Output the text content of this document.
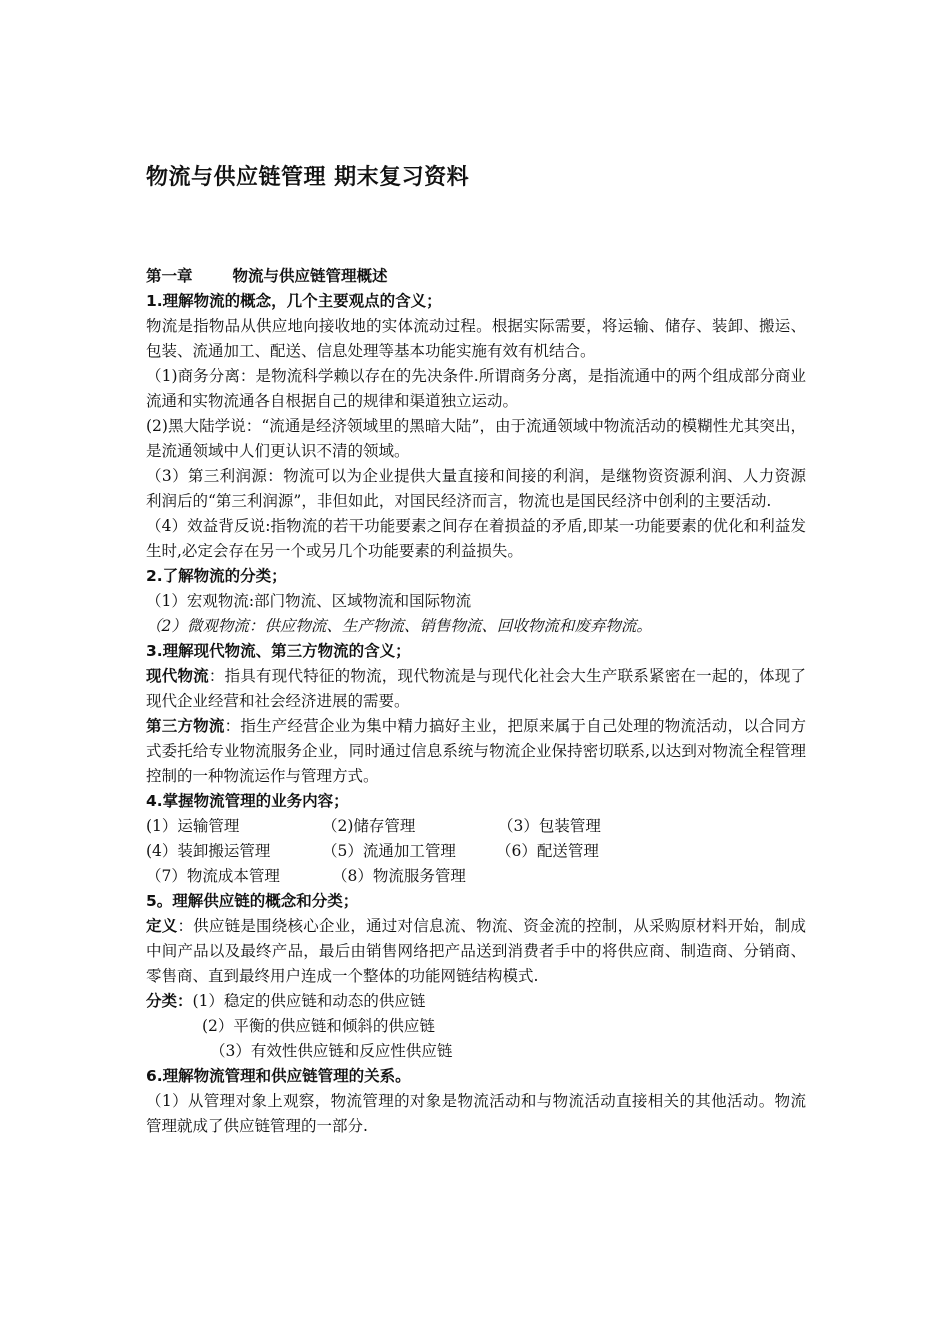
物流与供应链管理 期末复习资料

第一章	物流与供应链管理概述

1.理解物流的概念，几个主要观点的含义；

物流是指物品从供应地向接收地的实体流动过程。根据实际需要，将运输、储存、装卸、搬运、包装、流通加工、配送、信息处理等基本功能实施有效有机结合。

（1)商务分离：是物流科学赖以存在的先决条件.所谓商务分离，是指流通中的两个组成部分商业流通和实物流通各自根据自己的规律和渠道独立运动。

(2)黑大陆学说：“流通是经济领域里的黑暗大陆”，由于流通领域中物流活动的模糊性尤其突出，是流通领域中人们更认识不清的领域。

（3）第三利润源：物流可以为企业提供大量直接和间接的利润，是继物资资源利润、人力资源利润后的“第三利润源”，非但如此，对国民经济而言，物流也是国民经济中创利的主要活动.

（4）效益背反说:指物流的若干功能要素之间存在着损益的矛盾,即某一功能要素的优化和利益发生时,必定会存在另一个或另几个功能要素的利益损失。

2.了解物流的分类；

（1）宏观物流:部门物流、区域物流和国际物流

（2）微观物流：供应物流、生产物流、销售物流、回收物流和废弃物流。

3.理解现代物流、第三方物流的含义；

现代物流：指具有现代特征的物流，现代物流是与现代化社会大生产联系紧密在一起的，体现了现代企业经营和社会经济进展的需要。

第三方物流：指生产经营企业为集中精力搞好主业，把原来属于自己处理的物流活动，以合同方式委托给专业物流服务企业，同时通过信息系统与物流企业保持密切联系,以达到对物流全程管理控制的一种物流运作与管理方式。

4.掌握物流管理的业务内容；

(1）运输管理	（2)储存管理	（3）包装管理

(4）装卸搬运管理	（5）流通加工管理	（6）配送管理

（7）物流成本管理	（8）物流服务管理

5。理解供应链的概念和分类；

定义：供应链是围绕核心企业，通过对信息流、物流、资金流的控制，从采购原材料开始，制成中间产品以及最终产品，最后由销售网络把产品送到消费者手中的将供应商、制造商、分销商、零售商、直到最终用户连成一个整体的功能网链结构模式.

分类：(1）稳定的供应链和动态的供应链

(2）平衡的供应链和倾斜的供应链

（3）有效性供应链和反应性供应链

6.理解物流管理和供应链管理的关系。

（1）从管理对象上观察，物流管理的对象是物流活动和与物流活动直接相关的其他活动。物流管理就成了供应链管理的一部分.
